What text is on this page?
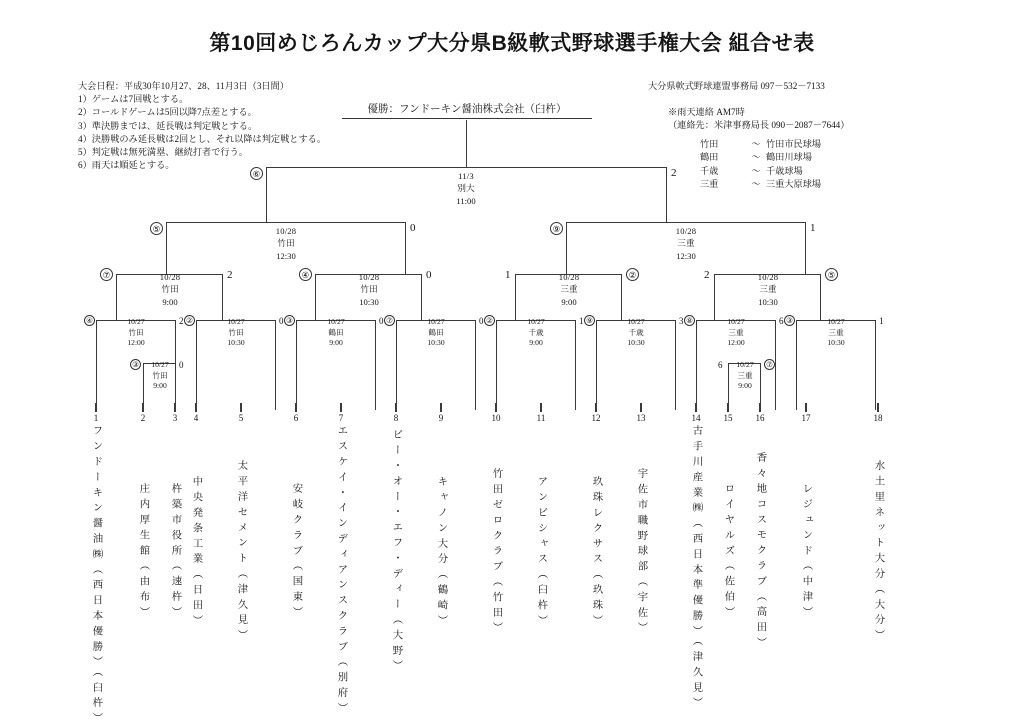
第10回めじろんカップ大分県B級軟式野球選手権大会 組合せ表
大会日程：平成30年10月27、28、11月3日（3日間）
1）ゲームは7回戦とする。
2）コールドゲームは5回以降7点差とする。
3）準決勝までは、延長戦は判定戦とする。
4）決勝戦のみ延長戦は2回とし、それ以降は判定戦とする。
5）判定戦は無死満塁、継続打者で行う。
6）雨天は順延とする。
大分県軟式野球連盟事務局 097－532－7133
※雨天連絡 AM7時
（連絡先：米津事務局長 090－2087－7644）
竹田	～ 竹田市民球場
鶴田	～ 鶴田川球場
千歳	～ 千歳球場
三重	～ 三重大原球場
優勝：フンドーキン醤油株式会社（臼杵）
⑥	2
11/3
別大
11:00
⑤	0
10/28
竹田
12:30
⑨	1
10/28
三重
12:30
⑦	2
10/28
竹田
9:00
④	0
10/28
竹田
10:30
1	②
10/28
三重
9:00
2	⑤
10/28
三重
10:30
④	2
10/27
竹田
12:00
③	0
10/27
竹田
9:00
②	0
10/27
竹田
10:30
③	0
10/27
鶴田
9:00
⑦	0
10/27
鶴田
10:30
②	1
10/27
千歳
9:00
⑨	3
10/27
千歳
10:30
⑧	6
10/27
三重
12:00
6	⑦
10/27
三重
9:00
③	1
10/27
三重
10:30
1
フンドーキン醤油㈱（西日本優勝）（臼杵）
2
庄内厚生館（由布）
3
杵築市役所（速杵）
4
中央発条工業（日田）
5
太平洋セメント（津久見）
6
安岐クラブ（国東）
7
エスケイ・インディアンスクラブ（別府）
8
ビー・オー・エフ・ディー（大野）
9
キャノン大分（鶴崎）
10
竹田ゼロクラブ（竹田）
11
アンビシャス（臼杵）
12
玖珠レクサス（玖珠）
13
宇佐市職野球部（宇佐）
14
古手川産業㈱（西日本準優勝）（津久見）
15
ロイヤルズ（佐伯）
16
香々地コスモクラブ（高田）
17
レジュンド（中津）
18
水土里ネット大分（大分）
